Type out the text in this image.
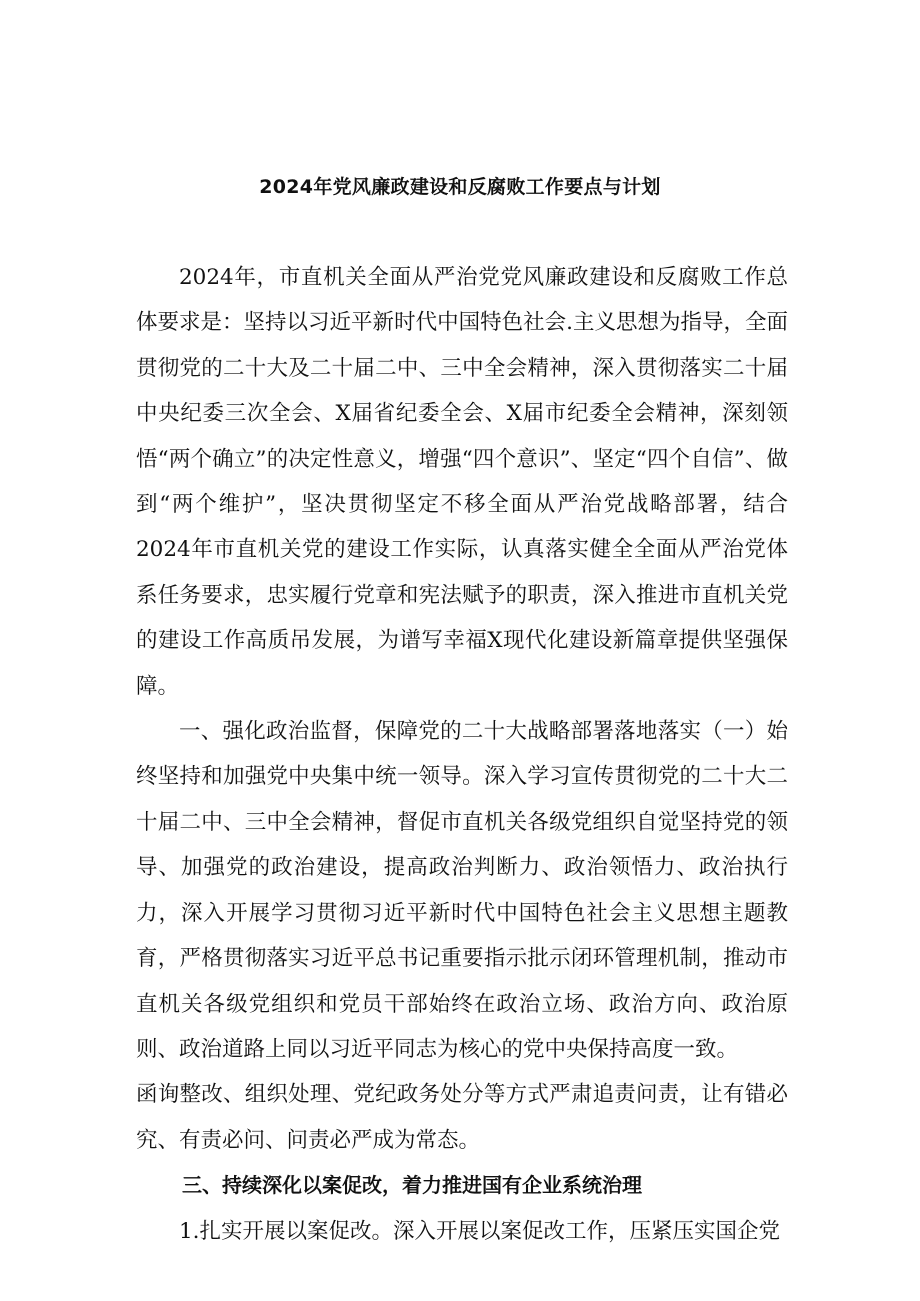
2024年党风廉政建设和反腐败工作要点与计划

2024年，市直机关全面从严治党党风廉政建设和反腐败工作总体要求是：坚持以习近平新时代中国特色社会.主义思想为指导，全面贯彻党的二十大及二十届二中、三中全会精神，深入贯彻落实二十届中央纪委三次全会、X届省纪委全会、X届市纪委全会精神，深刻领悟“两个确立”的决定性意义，增强“四个意识”、坚定“四个自信”、做到“两个维护”，坚决贯彻坚定不移全面从严治党战略部署，结合2024年市直机关党的建设工作实际，认真落实健全全面从严治党体系任务要求，忠实履行党章和宪法赋予的职责，深入推进市直机关党的建设工作高质吊发展，为谱写幸福X现代化建设新篇章提供坚强保障。

一、强化政治监督，保障党的二十大战略部署落地落实（一）始终坚持和加强党中央集中统一领导。深入学习宣传贯彻党的二十大二十届二中、三中全会精神，督促市直机关各级党组织自觉坚持党的领导、加强党的政治建设，提高政治判断力、政治领悟力、政治执行力，深入开展学习贯彻习近平新时代中国特色社会主义思想主题教育，严格贯彻落实习近平总书记重要指示批示闭环管理机制，推动市直机关各级党组织和党员干部始终在政治立场、政治方向、政治原则、政治道路上同以习近平同志为核心的党中央保持高度一致。

函询整改、组织处理、党纪政务处分等方式严肃追责问责，让有错必究、有责必问、问责必严成为常态。

三、持续深化以案促改，着力推进国有企业系统治理

1.扎实开展以案促改。深入开展以案促改工作，压紧压实国企党
